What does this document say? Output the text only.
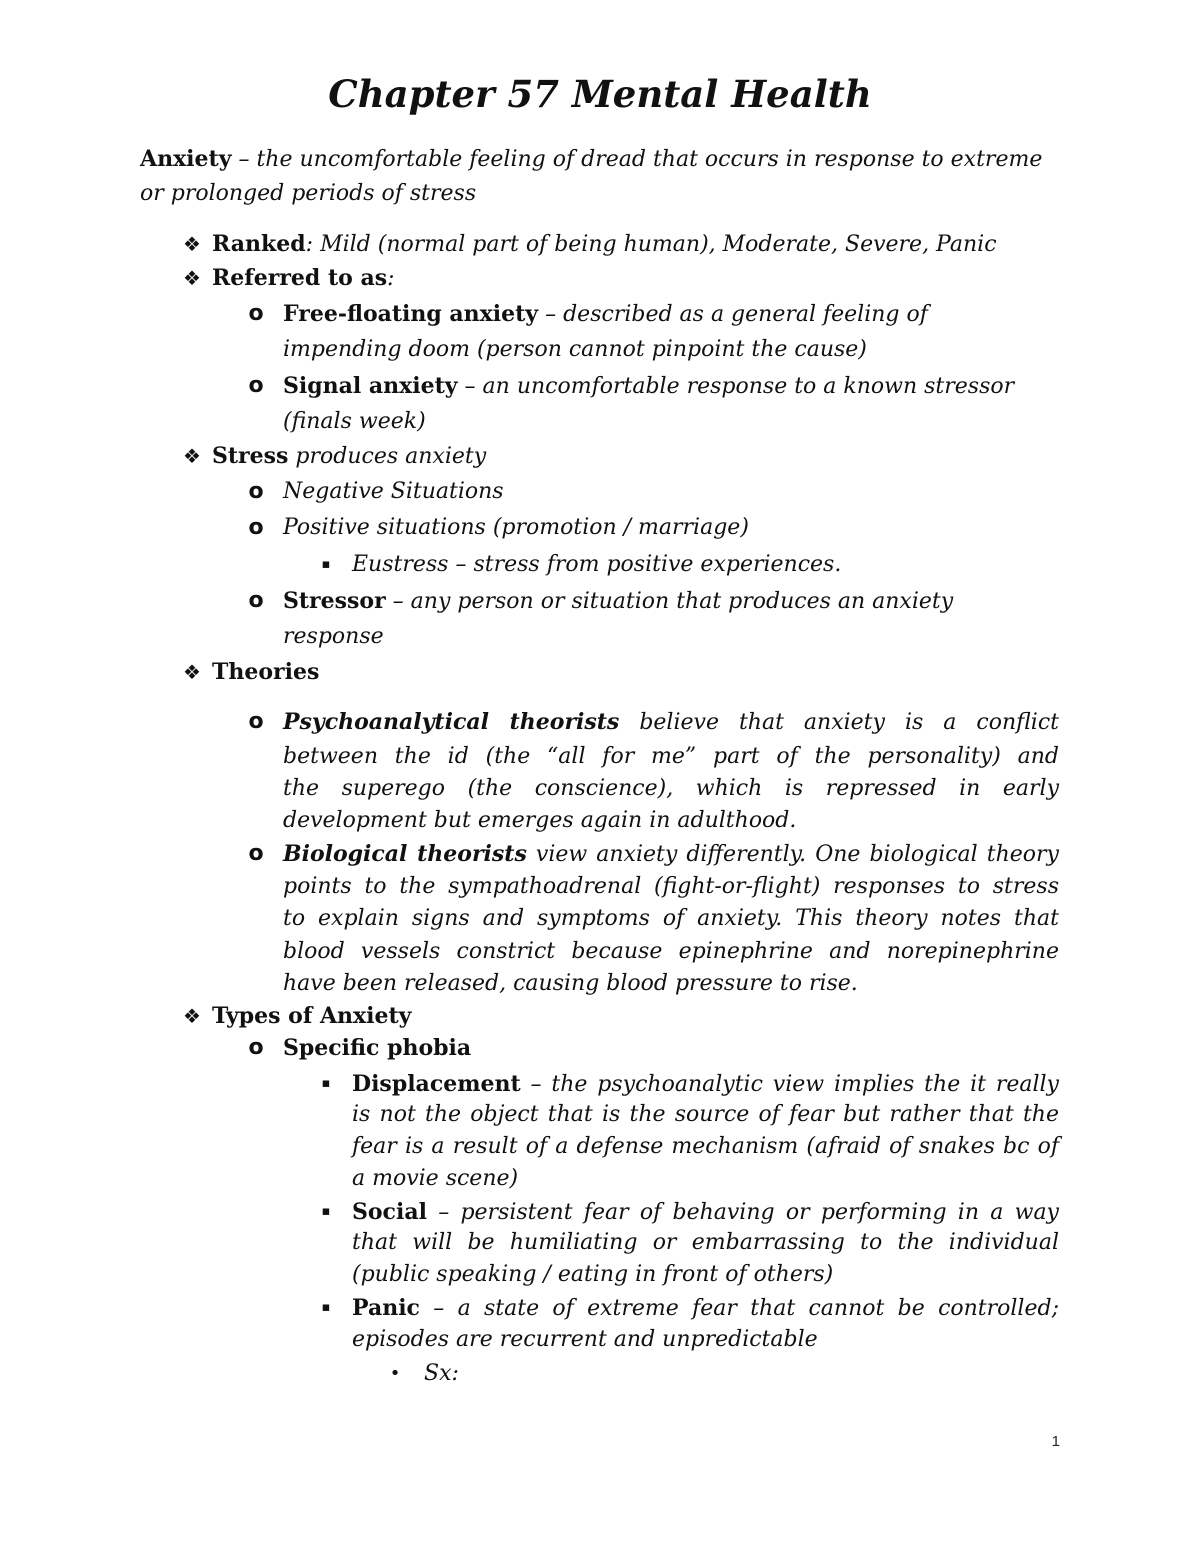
Chapter 57 Mental Health
Anxiety – the uncomfortable feeling of dread that occurs in response to extreme
or prolonged periods of stress
❖ Ranked: Mild (normal part of being human), Moderate, Severe, Panic
❖ Referred to as:
o Free-floating anxiety – described as a general feeling of
impending doom (person cannot pinpoint the cause)
o Signal anxiety – an uncomfortable response to a known stressor
(finals week)
❖ Stress produces anxiety
o Negative Situations
o Positive situations (promotion / marriage)
▪ Eustress – stress from positive experiences.
o Stressor – any person or situation that produces an anxiety
response
❖ Theories
o Psychoanalytical theorists believe that anxiety is a conflict
between the id (the “all for me” part of the personality) and
the superego (the conscience), which is repressed in early
development but emerges again in adulthood.
o Biological theorists view anxiety differently. One biological theory
points to the sympathoadrenal (fight-or-flight) responses to stress
to explain signs and symptoms of anxiety. This theory notes that
blood vessels constrict because epinephrine and norepinephrine
have been released, causing blood pressure to rise.
❖ Types of Anxiety
o Specific phobia
▪ Displacement – the psychoanalytic view implies the it really
is not the object that is the source of fear but rather that the
fear is a result of a defense mechanism (afraid of snakes bc of
a movie scene)
▪ Social – persistent fear of behaving or performing in a way
that will be humiliating or embarrassing to the individual
(public speaking / eating in front of others)
▪ Panic – a state of extreme fear that cannot be controlled;
episodes are recurrent and unpredictable
• Sx:
1
